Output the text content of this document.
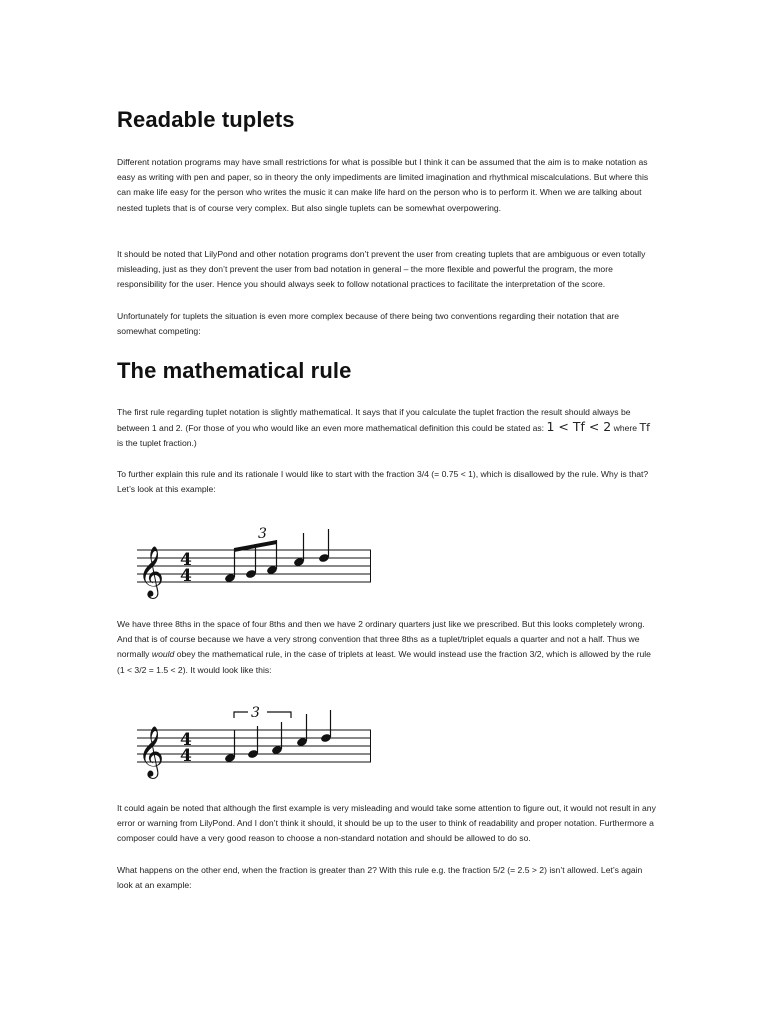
Readable tuplets

Different notation programs may have small restrictions for what is possible but I think it can be assumed that the aim is to make notation as easy as writing with pen and paper, so in theory the only impediments are limited imagination and rhythmical miscalculations. But where this can make life easy for the person who writes the music it can make life hard on the person who is to perform it. When we are talking about nested tuplets that is of course very complex. But also single tuplets can be somewhat overpowering.

It should be noted that LilyPond and other notation programs don’t prevent the user from creating tuplets that are ambiguous or even totally misleading, just as they don’t prevent the user from bad notation in general – the more flexible and powerful the program, the more responsibility for the user. Hence you should always seek to follow notational practices to facilitate the interpretation of the score.

Unfortunately for tuplets the situation is even more complex because of there being two conventions regarding their notation that are somewhat competing:

The mathematical rule

The first rule regarding tuplet notation is slightly mathematical. It says that if you calculate the tuplet fraction the result should always be between 1 and 2. (For those of you who would like an even more mathematical definition this could be stated as: 1 < Tf < 2 where Tf is the tuplet fraction.)

To further explain this rule and its rationale I would like to start with the fraction 3/4 (= 0.75 < 1), which is disallowed by the rule. Why is that? Let’s look at this example:

𝄞 4
4
3

We have three 8ths in the space of four 8ths and then we have 2 ordinary quarters just like we prescribed. But this looks completely wrong. And that is of course because we have a very strong convention that three 8ths as a tuplet/triplet equals a quarter and not a half. Thus we normally would obey the mathematical rule, in the case of triplets at least. We would instead use the fraction 3/2, which is allowed by the rule (1 < 3/2 = 1.5 < 2). It would look like this:

𝄞 4
4
3

It could again be noted that although the first example is very misleading and would take some attention to figure out, it would not result in any error or warning from LilyPond. And I don’t think it should, it should be up to the user to think of readability and proper notation. Furthermore a composer could have a very good reason to choose a non-standard notation and should be allowed to do so.

What happens on the other end, when the fraction is greater than 2? With this rule e.g. the fraction 5/2 (= 2.5 > 2) isn’t allowed. Let’s again look at an example:
